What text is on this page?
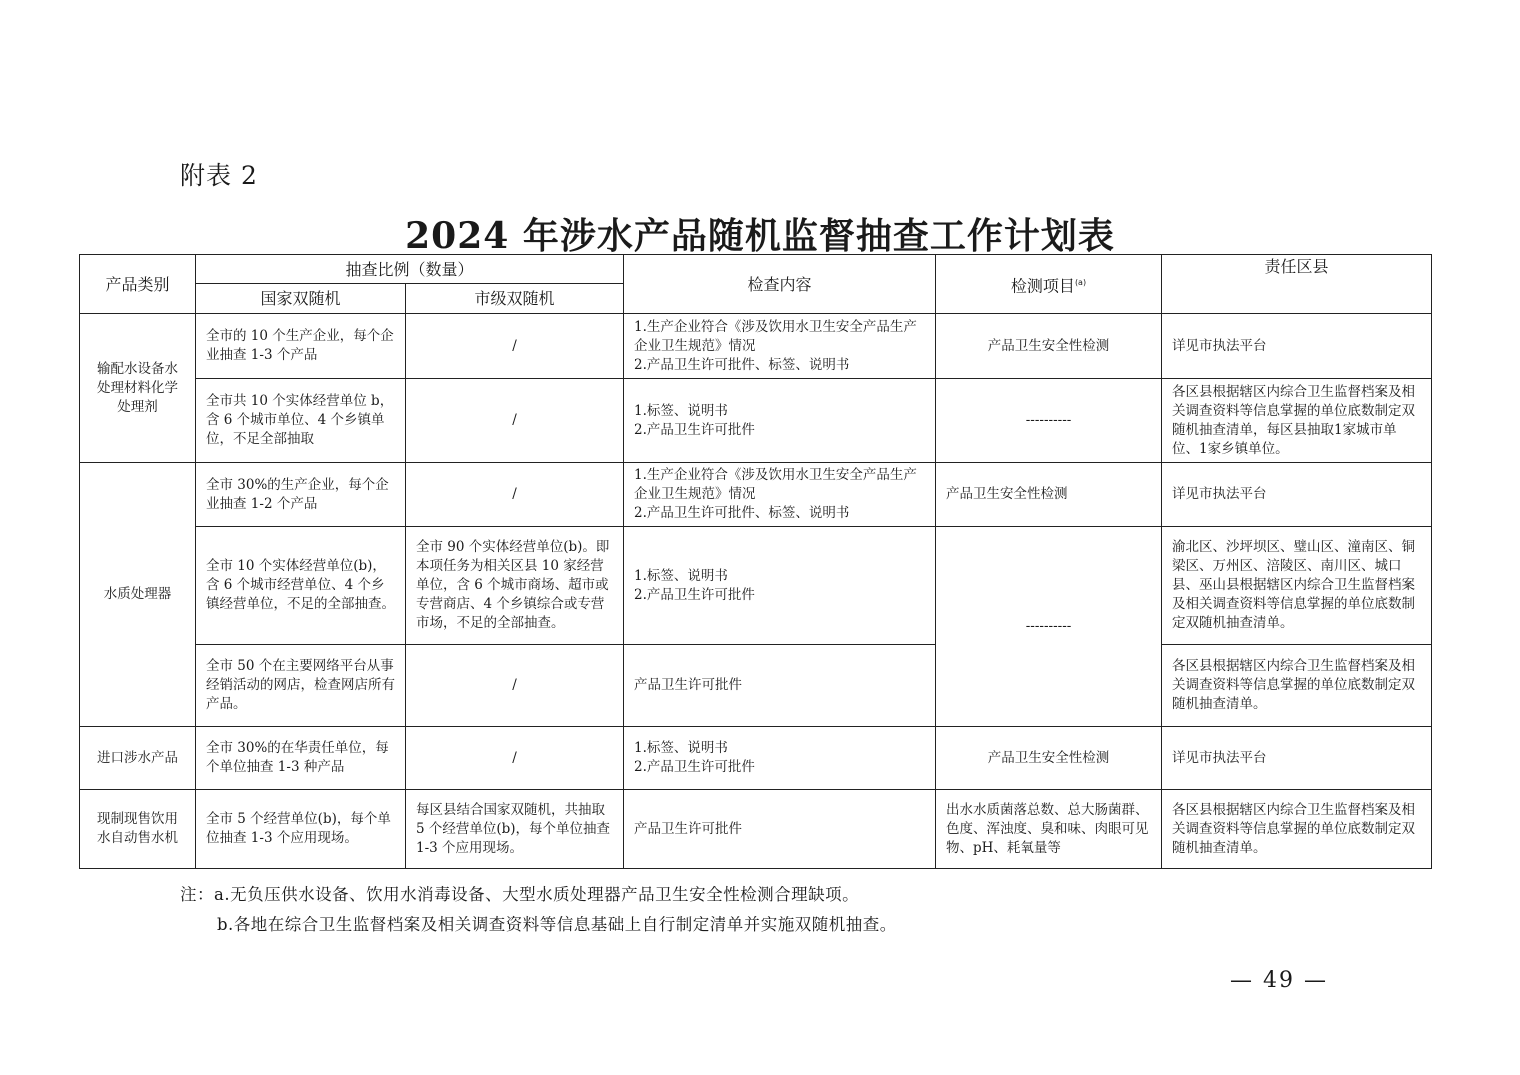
附表 2
2024 年涉水产品随机监督抽查工作计划表
产品类别	抽查比例（数量）		检查内容	检测项目$^{(a)}$	责任区县
	国家双随机	市级双随机			
输配水设备水处理材料化学处理剂	全市的 10 个生产企业，每个企业抽查 1-3 个产品	/	1.生产企业符合《涉及饮用水卫生安全产品生产企业卫生规范》情况
2.产品卫生许可批件、标签、说明书	产品卫生安全性检测	详见市执法平台
	全市共 10 个实体经营单位 b，含 6 个城市单位、4 个乡镇单位，不足全部抽取	/	1.标签、说明书
2.产品卫生许可批件	----------	各区县根据辖区内综合卫生监督档案及相关调查资料等信息掌握的单位底数制定双随机抽查清单，每区县抽取1家城市单位、1家乡镇单位。
水质处理器	全市 30%的生产企业，每个企业抽查 1-2 个产品	/	1.生产企业符合《涉及饮用水卫生安全产品生产企业卫生规范》情况
2.产品卫生许可批件、标签、说明书	产品卫生安全性检测	详见市执法平台
	全市 10 个实体经营单位(b)，含 6 个城市经营单位、4 个乡镇经营单位，不足的全部抽查。	全市 90 个实体经营单位(b)。即本项任务为相关区县 10 家经营单位，含 6 个城市商场、超市或专营商店、4 个乡镇综合或专营市场，不足的全部抽查。	1.标签、说明书
2.产品卫生许可批件	----------	渝北区、沙坪坝区、璧山区、潼南区、铜梁区、万州区、涪陵区、南川区、城口县、巫山县根据辖区内综合卫生监督档案及相关调查资料等信息掌握的单位底数制定双随机抽查清单。
	全市 50 个在主要网络平台从事经销活动的网店，检查网店所有产品。	/	产品卫生许可批件		各区县根据辖区内综合卫生监督档案及相关调查资料等信息掌握的单位底数制定双随机抽查清单。
进口涉水产品	全市 30%的在华责任单位，每个单位抽查 1-3 种产品	/	1.标签、说明书
2.产品卫生许可批件	产品卫生安全性检测	详见市执法平台
现制现售饮用水自动售水机	全市 5 个经营单位(b)，每个单位抽查 1-3 个应用现场。	每区县结合国家双随机，共抽取 5 个经营单位(b)，每个单位抽查 1-3 个应用现场。	产品卫生许可批件	出水水质菌落总数、总大肠菌群、色度、浑浊度、臭和味、肉眼可见物、pH、耗氧量等	各区县根据辖区内综合卫生监督档案及相关调查资料等信息掌握的单位底数制定双随机抽查清单。
注：a.无负压供水设备、饮用水消毒设备、大型水质处理器产品卫生安全性检测合理缺项。
b.各地在综合卫生监督档案及相关调查资料等信息基础上自行制定清单并实施双随机抽查。
— 49 —
